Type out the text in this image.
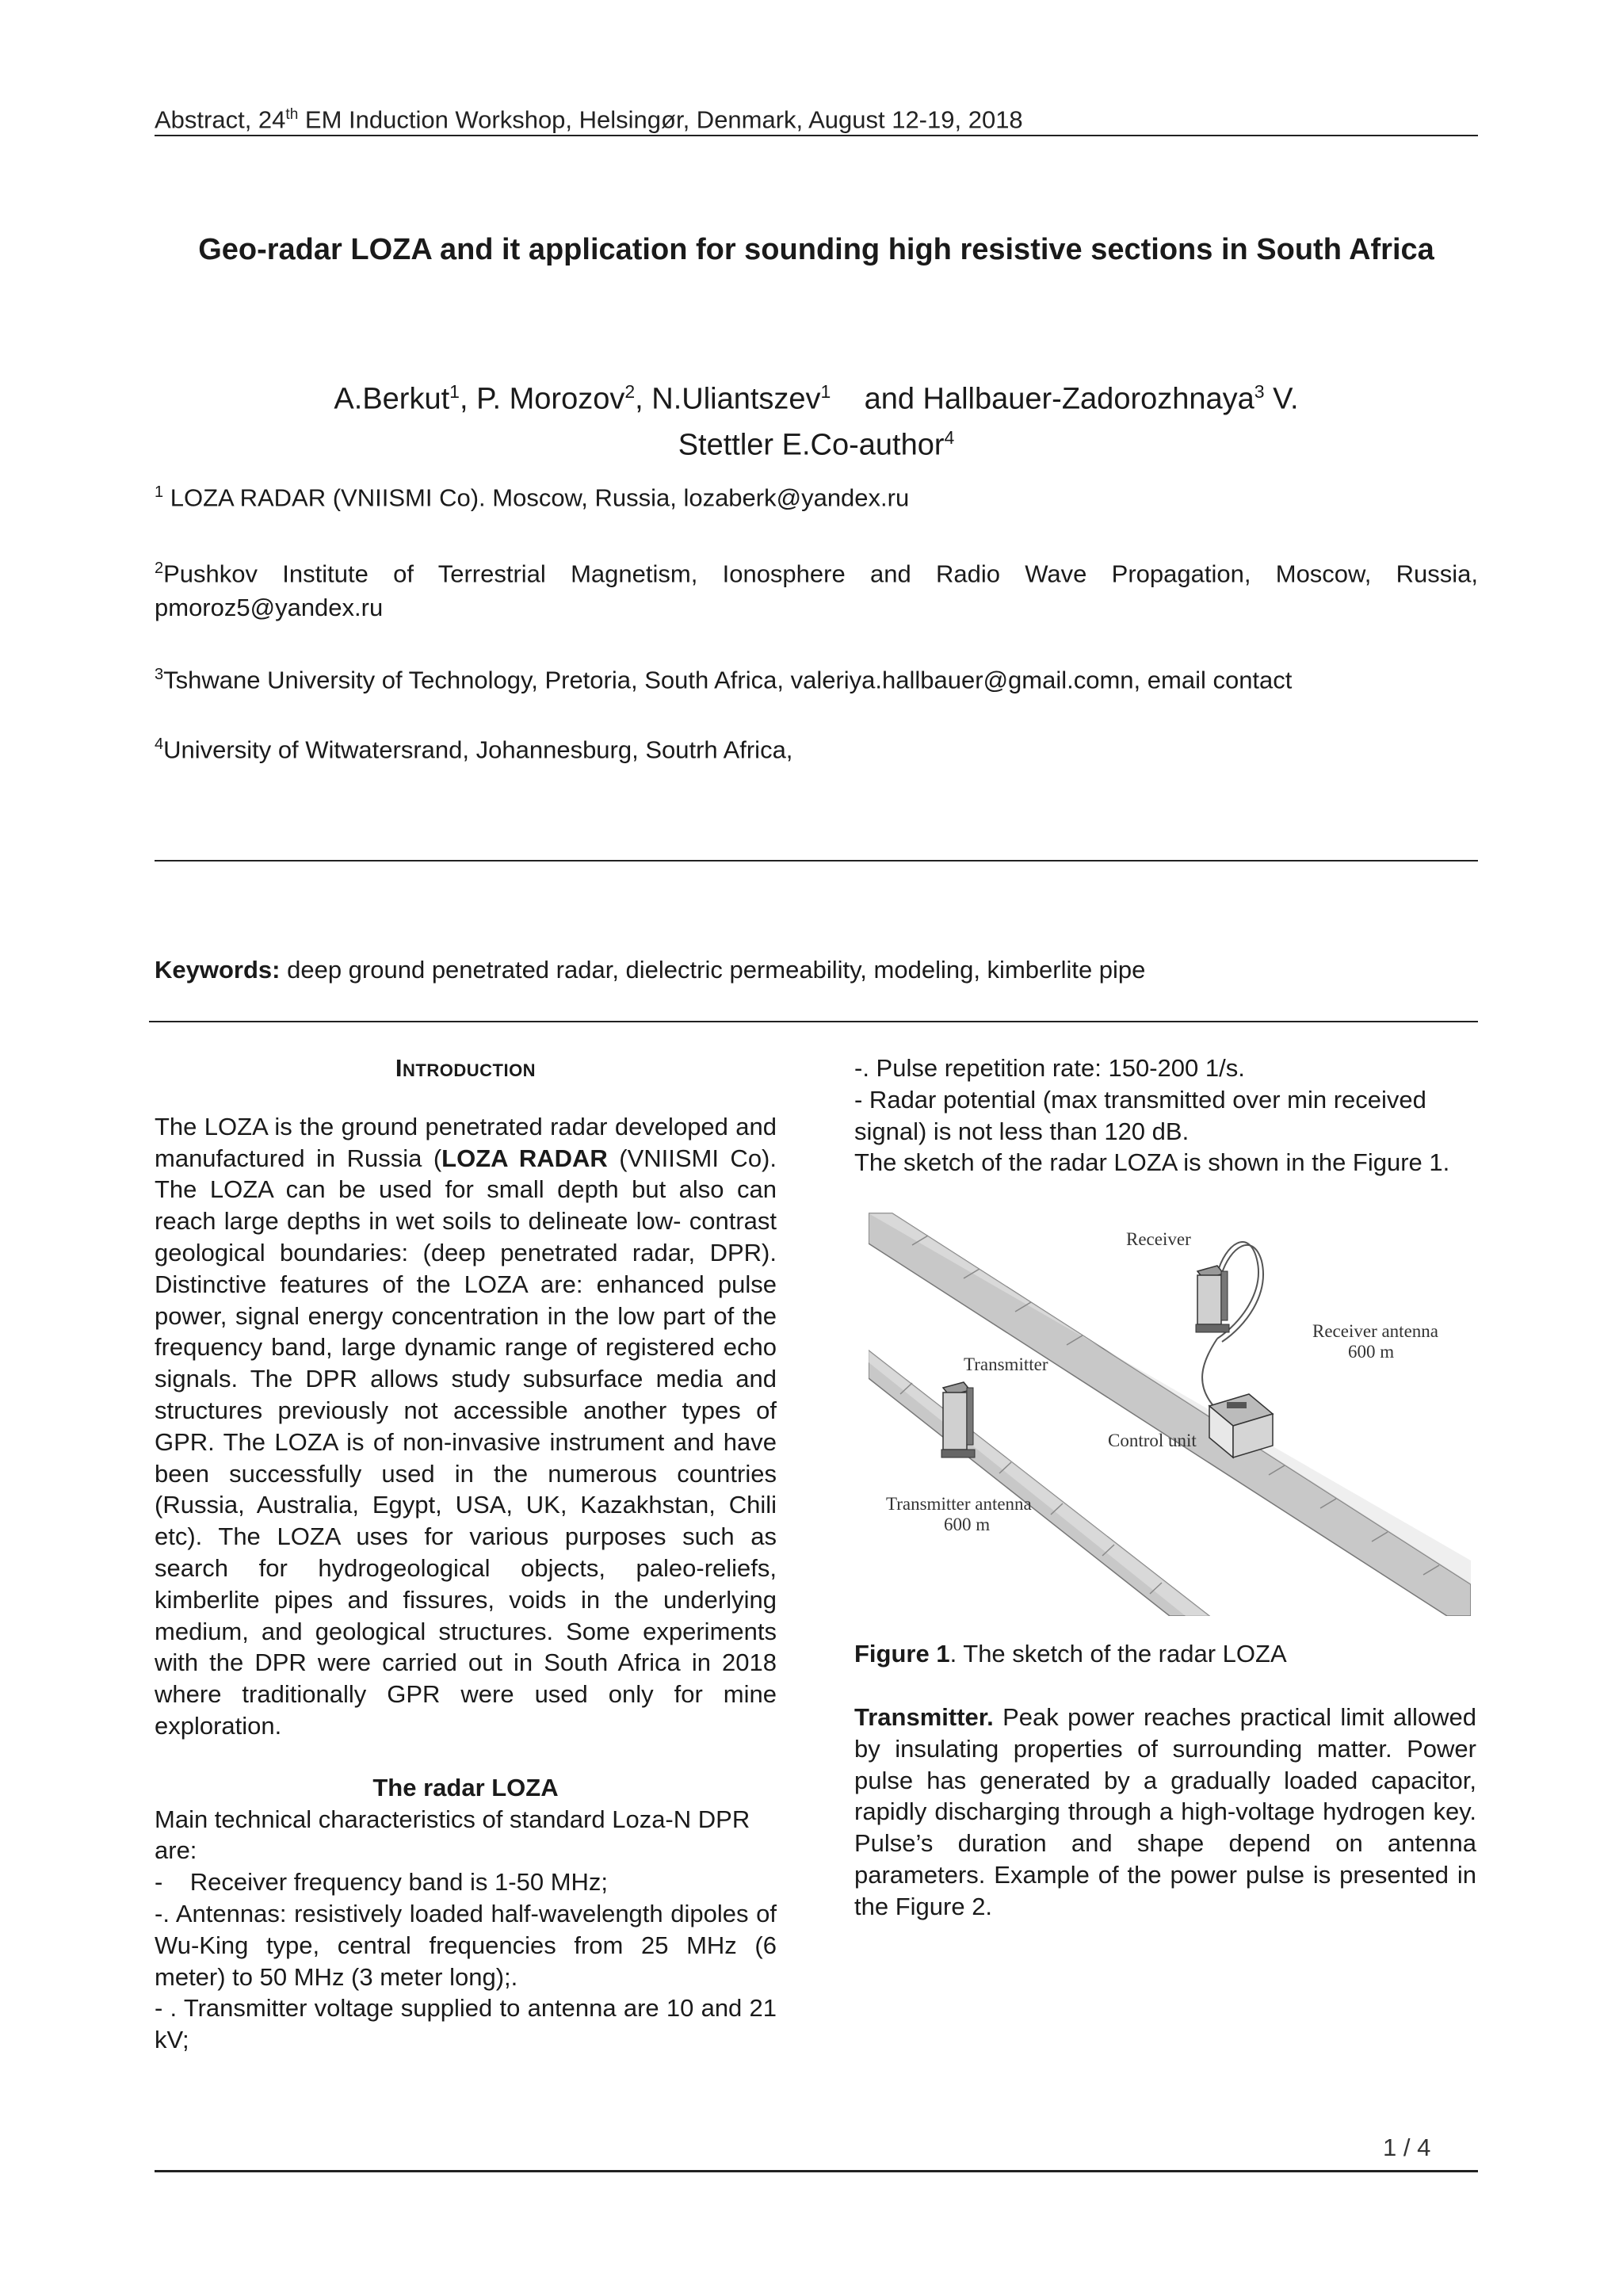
Abstract, 24th EM Induction Workshop, Helsingør, Denmark, August 12-19, 2018
Geo-radar LOZA and it application for sounding high resistive sections in South Africa
A.Berkut$^1$, P. Morozov$^2$, N.Uliantszev$^1$    and Hallbauer-Zadorozhnaya$^3$ V.
Stettler E.Co-author$^4$
$^1$ LOZA RADAR (VNIISMI Co). Moscow, Russia, lozaberk@yandex.ru
$^2$Pushkov Institute of Terrestrial Magnetism, Ionosphere and Radio Wave Propagation, Moscow, Russia, pmoroz5@yandex.ru
$^3$Tshwane University of Technology, Pretoria, South Africa, valeriya.hallbauer@gmail.comn, email contact
$^4$University of Witwatersrand, Johannesburg, Soutrh Africa,
Keywords: deep ground penetrated radar, dielectric permeability, modeling, kimberlite pipe

Introduction

The LOZA is the ground penetrated radar developed and manufactured in Russia (LOZA RADAR (VNIISMI Co). The LOZA can be used for small depth but also can reach large depths in wet soils to delineate low- contrast geological boundaries: (deep penetrated radar, DPR). Distinctive features of the LOZA are: enhanced pulse power, signal energy concentration in the low part of the frequency band, large dynamic range of registered echo signals. The DPR allows study subsurface media and structures previously not accessible another types of GPR. The LOZA is of non-invasive instrument and have been successfully used in the numerous countries (Russia, Australia, Egypt, USA, UK, Kazakhstan, Chili etc). The LOZA uses for various purposes such as search for hydrogeological objects, paleo-reliefs, kimberlite pipes and fissures, voids in the underlying medium, and geological structures. Some experiments with the DPR were carried out in South Africa in 2018 where traditionally GPR were used only for mine exploration.

The radar LOZA

Main technical characteristics of standard Loza-N DPR are:

-    Receiver frequency band is 1-50 MHz;

-. Antennas: resistively loaded half-wavelength dipoles of Wu-King type, central frequencies from 25 MHz (6 meter) to 50 MHz (3 meter long);.

- . Transmitter voltage supplied to antenna are 10 and 21 kV;

-. Pulse repetition rate: 150-200 1/s.

- Radar potential (max transmitted over min received signal) is not less than 120 dB.

The sketch of the radar LOZA is shown in the Figure 1.

Receiver
Receiver antenna
600 m
Transmitter
Control unit
Transmitter antenna
600 m

Figure 1. The sketch of the radar LOZA

Transmitter. Peak power reaches practical limit allowed by insulating properties of surrounding matter. Power pulse has generated by a gradually loaded capacitor, rapidly discharging through a high-voltage hydrogen key. Pulse’s duration and shape depend on antenna parameters. Example of the power pulse is presented in the Figure 2.

1 / 4
